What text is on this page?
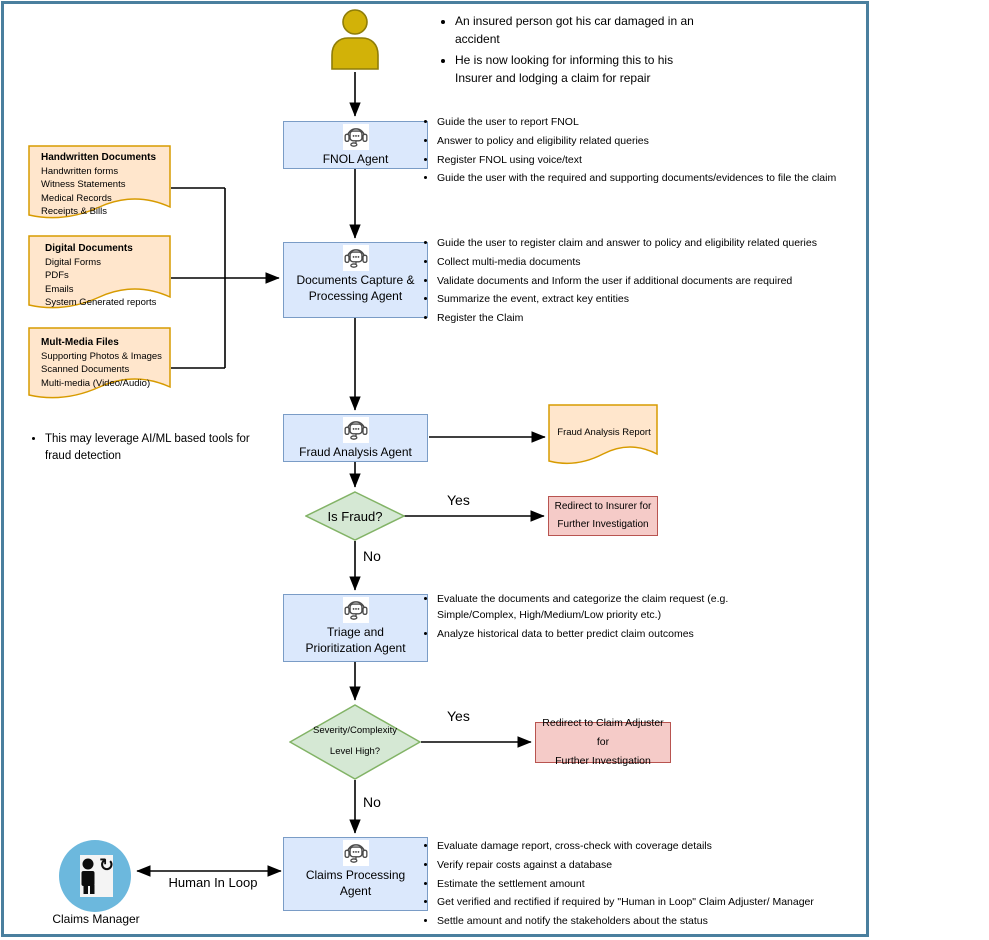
• An insured person got his car damaged in an accident
• He is now looking for informing this to his Insurer and lodging a claim for repair
FNOL Agent
• Guide the user to report FNOL
• Answer to policy and eligibility related queries
• Register FNOL using voice/text
• Guide the user with the required and supporting documents/evidences to file the claim
Documents Capture & Processing Agent
• Guide the user to register claim and answer to policy and eligibility related queries
• Collect multi-media documents
• Validate documents and Inform the user if additional documents are required
• Summarize the event, extract key entities
• Register the Claim
Fraud Analysis Agent
Triage and Prioritization Agent
• Evaluate the documents and categorize the claim request (e.g. Simple/Complex, High/Medium/Low priority etc.)
• Analyze historical data to better predict claim outcomes
Claims Processing Agent
• Evaluate damage report, cross-check with coverage details
• Verify repair costs against a database
• Estimate the settlement amount
• Get verified and rectified if required by "Human in Loop" Claim Adjuster/ Manager
• Settle amount and notify the stakeholders about the status
Handwritten Documents
Handwritten forms
Witness Statements
Medical Records
Receipts & Bills
Digital Documents
Digital Forms
PDFs
Emails
System Generated reports
Mult-Media Files
Supporting Photos & Images
Scanned Documents
Multi-media (Video/Audio)
• This may leverage AI/ML based tools for fraud detection
Fraud Analysis Report
Is Fraud?
Severity/Complexity
Level High?
Redirect to Insurer for
Further Investigation
Redirect to Claim Adjuster for
Further Investigation
Yes
No
Yes
No
Human In Loop
↻
Claims Manager
